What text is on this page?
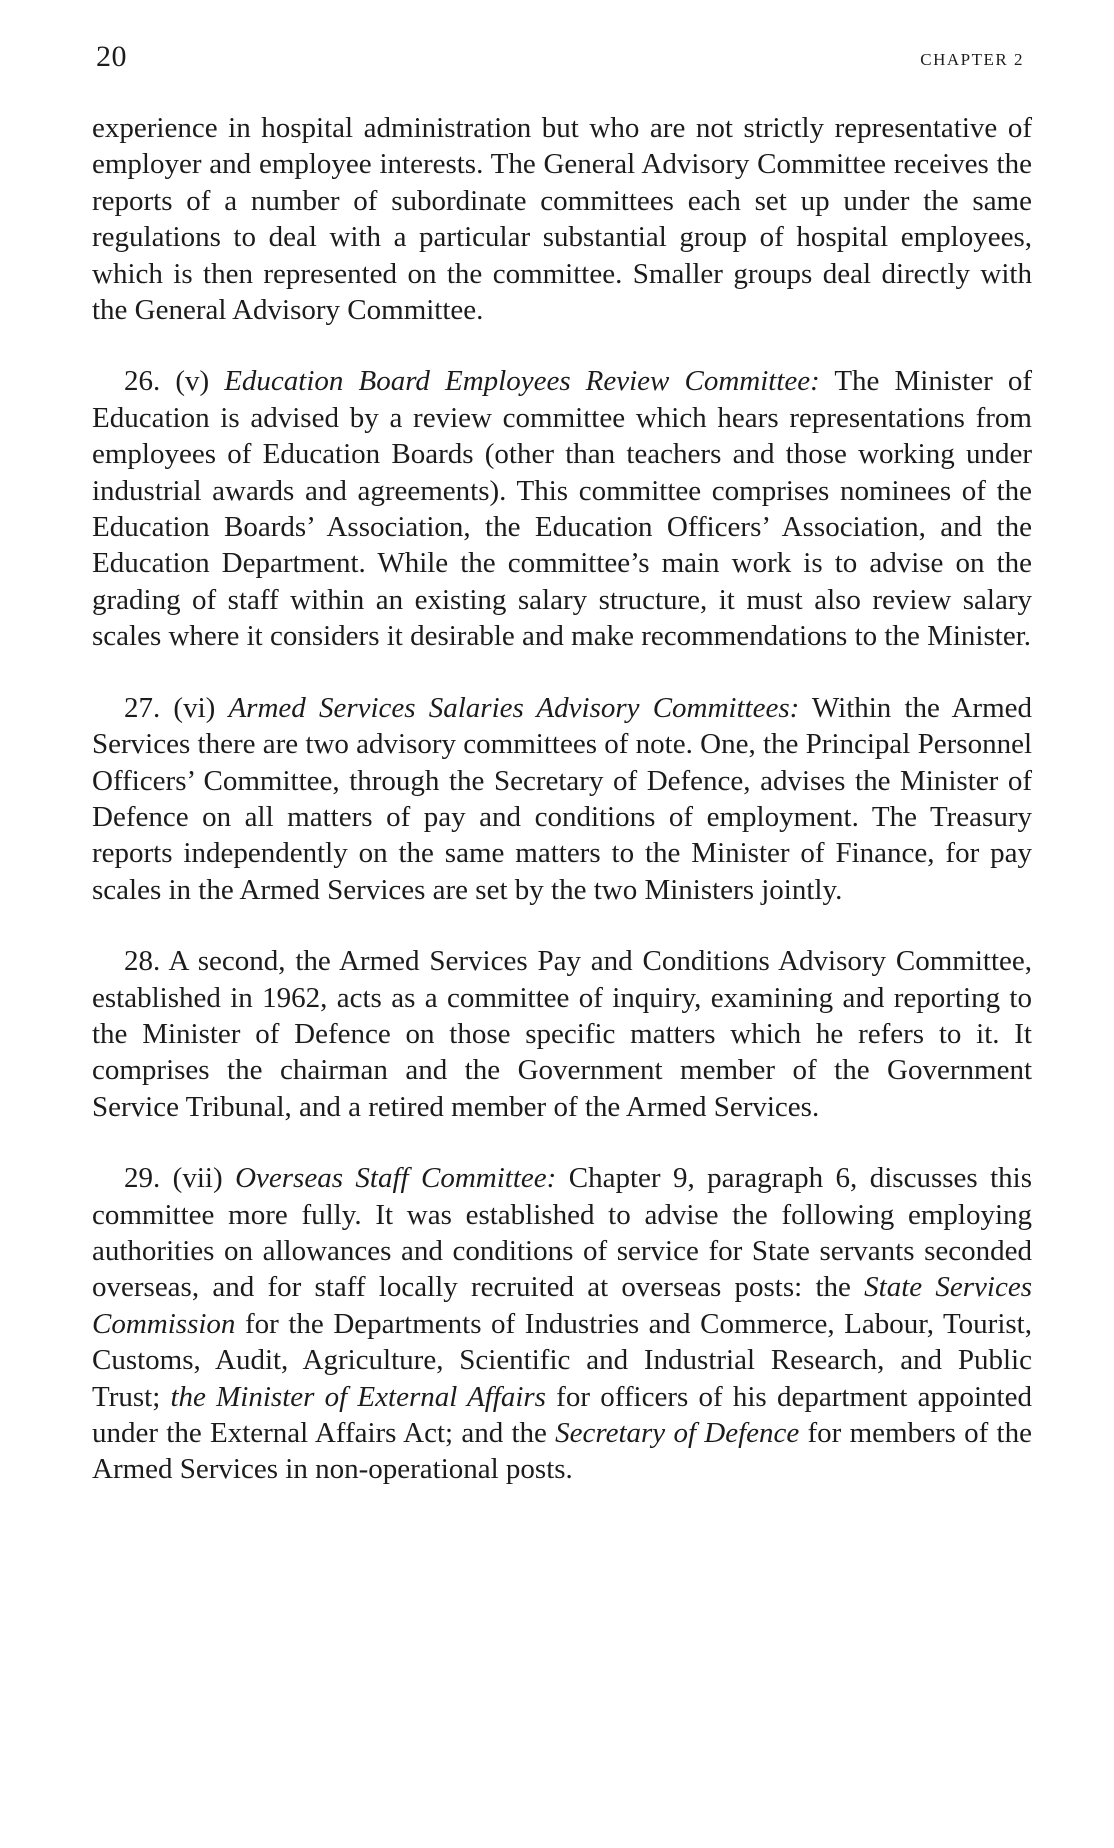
20	CHAPTER 2

experience in hospital administration but who are not strictly representative of employer and employee interests. The General Advisory Committee receives the reports of a number of subordinate committees each set up under the same regulations to deal with a particular substantial group of hospital employees, which is then represented on the committee. Smaller groups deal directly with the General Advisory Committee.

26. (v) Education Board Employees Review Committee: The Minister of Education is advised by a review committee which hears representations from employees of Education Boards (other than teachers and those working under industrial awards and agreements). This committee comprises nominees of the Education Boards’ Association, the Education Officers’ Association, and the Education Department. While the committee’s main work is to advise on the grading of staff within an existing salary structure, it must also review salary scales where it considers it desirable and make recommendations to the Minister.

27. (vi) Armed Services Salaries Advisory Committees: Within the Armed Services there are two advisory committees of note. One, the Principal Personnel Officers’ Committee, through the Secretary of Defence, advises the Minister of Defence on all matters of pay and conditions of employment. The Treasury reports independently on the same matters to the Minister of Finance, for pay scales in the Armed Services are set by the two Ministers jointly.

28. A second, the Armed Services Pay and Conditions Advisory Committee, established in 1962, acts as a committee of inquiry, examining and reporting to the Minister of Defence on those specific matters which he refers to it. It comprises the chairman and the Government member of the Government Service Tribunal, and a retired member of the Armed Services.

29. (vii) Overseas Staff Committee: Chapter 9, paragraph 6, discusses this committee more fully. It was established to advise the following employing authorities on allowances and conditions of service for State servants seconded overseas, and for staff locally recruited at overseas posts: the State Services Commission for the Departments of Industries and Commerce, Labour, Tourist, Customs, Audit, Agriculture, Scientific and Industrial Research, and Public Trust; the Minister of External Affairs for officers of his department appointed under the External Affairs Act; and the Secretary of Defence for members of the Armed Services in non-operational posts.
